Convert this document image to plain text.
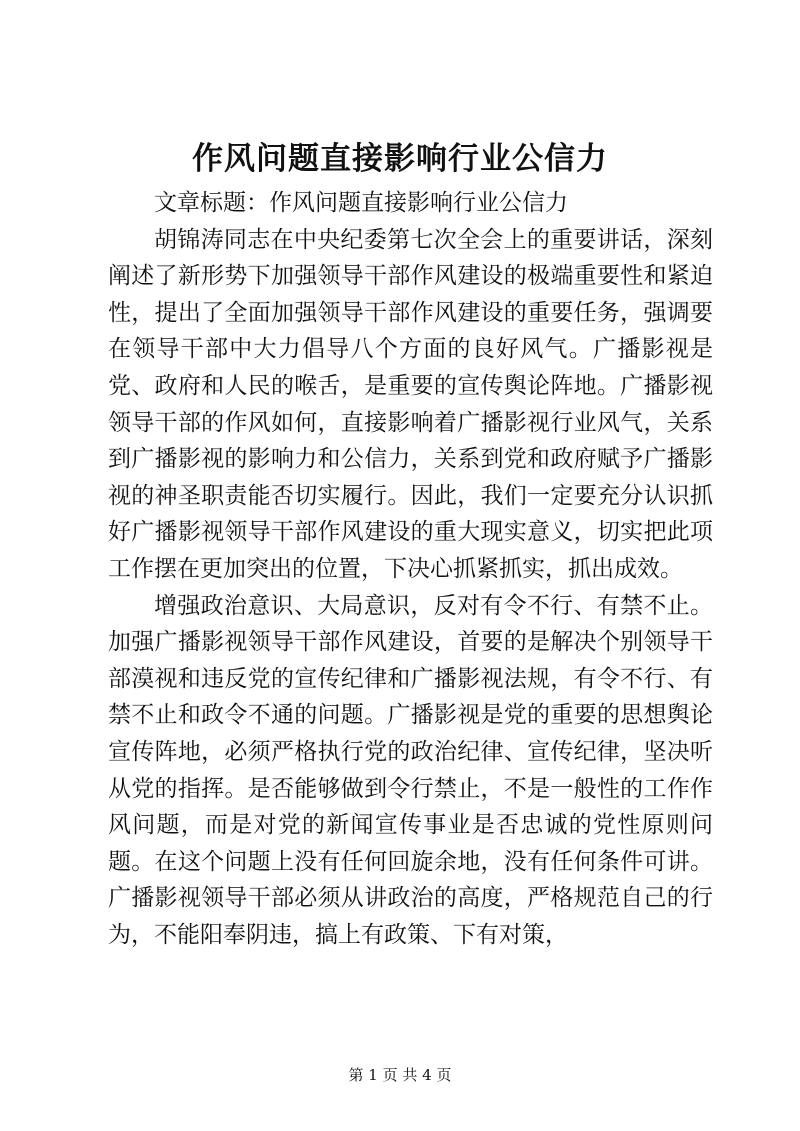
作风问题直接影响行业公信力

文章标题：作风问题直接影响行业公信力

胡锦涛同志在中央纪委第七次全会上的重要讲话，深刻阐述了新形势下加强领导干部作风建设的极端重要性和紧迫性，提出了全面加强领导干部作风建设的重要任务，强调要在领导干部中大力倡导八个方面的良好风气。广播影视是党、政府和人民的喉舌，是重要的宣传舆论阵地。广播影视领导干部的作风如何，直接影响着广播影视行业风气，关系到广播影视的影响力和公信力，关系到党和政府赋予广播影视的神圣职责能否切实履行。因此，我们一定要充分认识抓好广播影视领导干部作风建设的重大现实意义，切实把此项工作摆在更加突出的位置，下决心抓紧抓实，抓出成效。

增强政治意识、大局意识，反对有令不行、有禁不止。加强广播影视领导干部作风建设，首要的是解决个别领导干部漠视和违反党的宣传纪律和广播影视法规，有令不行、有禁不止和政令不通的问题。广播影视是党的重要的思想舆论宣传阵地，必须严格执行党的政治纪律、宣传纪律，坚决听从党的指挥。是否能够做到令行禁止，不是一般性的工作作风问题，而是对党的新闻宣传事业是否忠诚的党性原则问题。在这个问题上没有任何回旋余地，没有任何条件可讲。广播影视领导干部必须从讲政治的高度，严格规范自己的行为，不能阳奉阴违，搞上有政策、下有对策，

第 1 页 共 4 页
